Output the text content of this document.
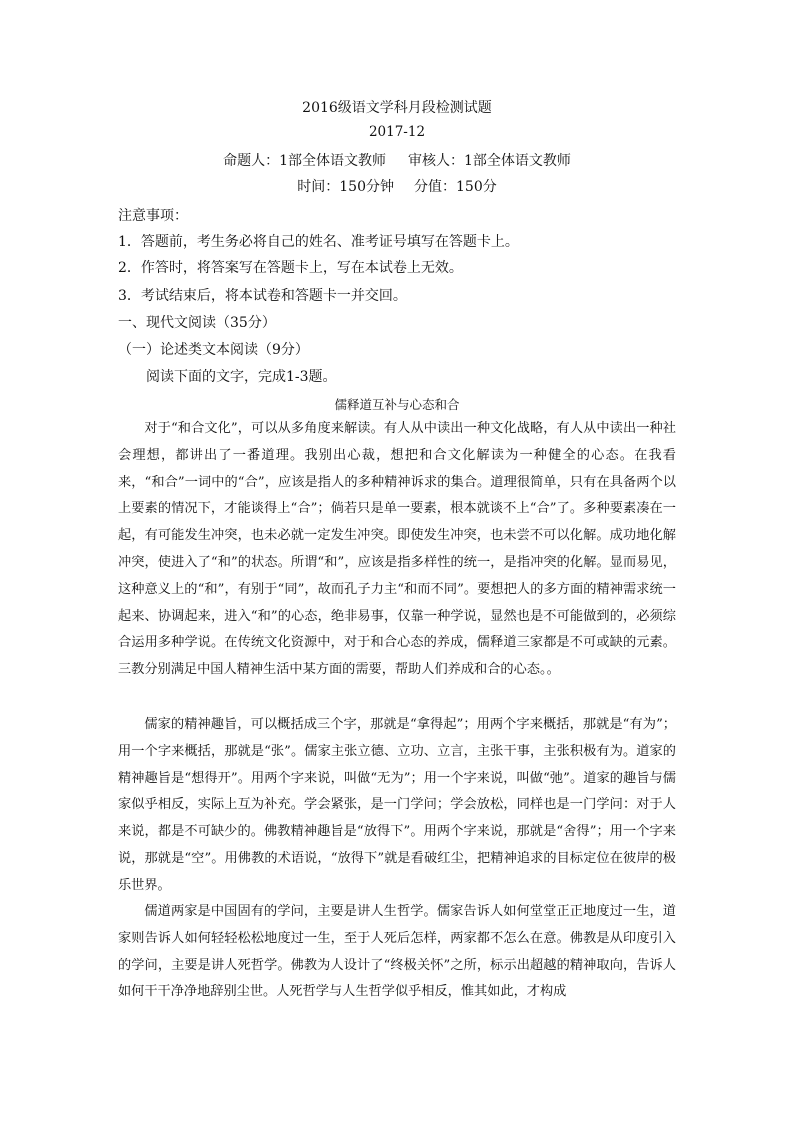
2016级语文学科月段检测试题
2017-12
命题人：1部全体语文教师 审核人：1部全体语文教师
时间：150分钟 分值：150分
注意事项：
1．答题前，考生务必将自己的姓名、准考证号填写在答题卡上。
2．作答时，将答案写在答题卡上，写在本试卷上无效。
3．考试结束后，将本试卷和答题卡一并交回。
一、现代文阅读（35分）
（一）论述类文本阅读（9分）
阅读下面的文字，完成1-3题。
儒释道互补与心态和合

对于“和合文化”，可以从多角度来解读。有人从中读出一种文化战略，有人从中读出一种社会理想，都讲出了一番道理。我别出心裁，想把和合文化解读为一种健全的心态。在我看来，“和合”一词中的“合”，应该是指人的多种精神诉求的集合。道理很简单，只有在具备两个以上要素的情况下，才能谈得上“合”；倘若只是单一要素，根本就谈不上“合”了。多种要素凑在一起，有可能发生冲突，也未必就一定发生冲突。即使发生冲突，也未尝不可以化解。成功地化解冲突，使进入了“和”的状态。所谓“和”，应该是指多样性的统一，是指冲突的化解。显而易见，这种意义上的“和”，有别于“同”，故而孔子力主“和而不同”。要想把人的多方面的精神需求统一起来、协调起来，进入“和”的心态，绝非易事，仅靠一种学说，显然也是不可能做到的，必须综合运用多种学说。在传统文化资源中，对于和合心态的养成，儒释道三家都是不可或缺的元素。三教分别满足中国人精神生活中某方面的需要，帮助人们养成和合的心态。。

儒家的精神趣旨，可以概括成三个字，那就是“拿得起”；用两个字来概括，那就是“有为”；用一个字来概括，那就是“张”。儒家主张立德、立功、立言，主张干事，主张积极有为。道家的精神趣旨是“想得开”。用两个字来说，叫做“无为”；用一个字来说，叫做“弛”。道家的趣旨与儒家似乎相反，实际上互为补充。学会紧张，是一门学问；学会放松，同样也是一门学问：对于人来说，都是不可缺少的。佛教精神趣旨是“放得下”。用两个字来说，那就是“舍得”；用一个字来说，那就是“空”。用佛教的术语说，“放得下”就是看破红尘，把精神追求的目标定位在彼岸的极乐世界。

儒道两家是中国固有的学问，主要是讲人生哲学。儒家告诉人如何堂堂正正地度过一生，道家则告诉人如何轻轻松松地度过一生，至于人死后怎样，两家都不怎么在意。佛教是从印度引入的学问，主要是讲人死哲学。佛教为人设计了“终极关怀”之所，标示出超越的精神取向，告诉人如何干干净净地辞别尘世。人死哲学与人生哲学似乎相反，惟其如此，才构成
